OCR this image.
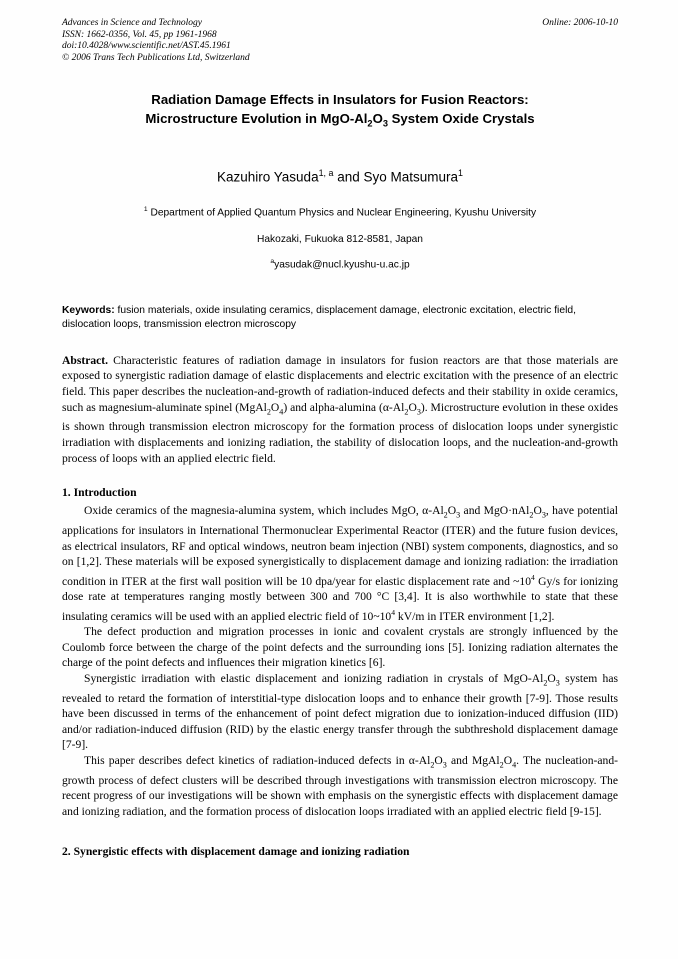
Advances in Science and Technology
ISSN: 1662-0356, Vol. 45, pp 1961-1968
doi:10.4028/www.scientific.net/AST.45.1961
© 2006 Trans Tech Publications Ltd, Switzerland
Online: 2006-10-10
Radiation Damage Effects in Insulators for Fusion Reactors:
Microstructure Evolution in MgO-$Al_2O_3$ System Oxide Crystals
Kazuhiro Yasuda$^{1, a}$ and Syo Matsumura$^1$
$^1$ Department of Applied Quantum Physics and Nuclear Engineering, Kyushu University
Hakozaki, Fukuoka 812-8581, Japan
$^a$yasudak@nucl.kyushu-u.ac.jp
Keywords: fusion materials, oxide insulating ceramics, displacement damage, electronic excitation, electric field, dislocation loops, transmission electron microscopy
Abstract. Characteristic features of radiation damage in insulators for fusion reactors are that those materials are exposed to synergistic radiation damage of elastic displacements and electric excitation with the presence of an electric field. This paper describes the nucleation-and-growth of radiation-induced defects and their stability in oxide ceramics, such as magnesium-aluminate spinel $(MgAl_2O_4)$ and alpha-alumina $(\alpha-Al_2O_3)$. Microstructure evolution in these oxides is shown through transmission electron microscopy for the formation process of dislocation loops under synergistic irradiation with displacements and ionizing radiation, the stability of dislocation loops, and the nucleation-and-growth process of loops with an applied electric field.
1. Introduction

Oxide ceramics of the magnesia-alumina system, which includes MgO, $\alpha-Al_2O_3$ and $MgO\cdot nAl_2O_3$, have potential applications for insulators in International Thermonuclear Experimental Reactor (ITER) and the future fusion devices, as electrical insulators, RF and optical windows, neutron beam injection (NBI) system components, diagnostics, and so on [1,2]. These materials will be exposed synergistically to displacement damage and ionizing radiation: the irradiation condition in ITER at the first wall position will be 10 dpa/year for elastic displacement rate and $\sim 10^4$ Gy/s for ionizing dose rate at temperatures ranging mostly between 300 and 700 °C [3,4]. It is also worthwhile to state that these insulating ceramics will be used with an applied electric field of $10\sim 10^4$ kV/m in ITER environment [1,2].

The defect production and migration processes in ionic and covalent crystals are strongly influenced by the Coulomb force between the charge of the point defects and the surrounding ions [5]. Ionizing radiation alternates the charge of the point defects and influences their migration kinetics [6].

Synergistic irradiation with elastic displacement and ionizing radiation in crystals of MgO-$Al_2O_3$ system has revealed to retard the formation of interstitial-type dislocation loops and to enhance their growth [7-9]. Those results have been discussed in terms of the enhancement of point defect migration due to ionization-induced diffusion (IID) and/or radiation-induced diffusion (RID) by the elastic energy transfer through the subthreshold displacement damage [7-9].

This paper describes defect kinetics of radiation-induced defects in $\alpha-Al_2O_3$ and $MgAl_2O_4$. The nucleation-and-growth process of defect clusters will be described through investigations with transmission electron microscopy. The recent progress of our investigations will be shown with emphasis on the synergistic effects with displacement damage and ionizing radiation, and the formation process of dislocation loops irradiated with an applied electric field [9-15].

2. Synergistic effects with displacement damage and ionizing radiation
